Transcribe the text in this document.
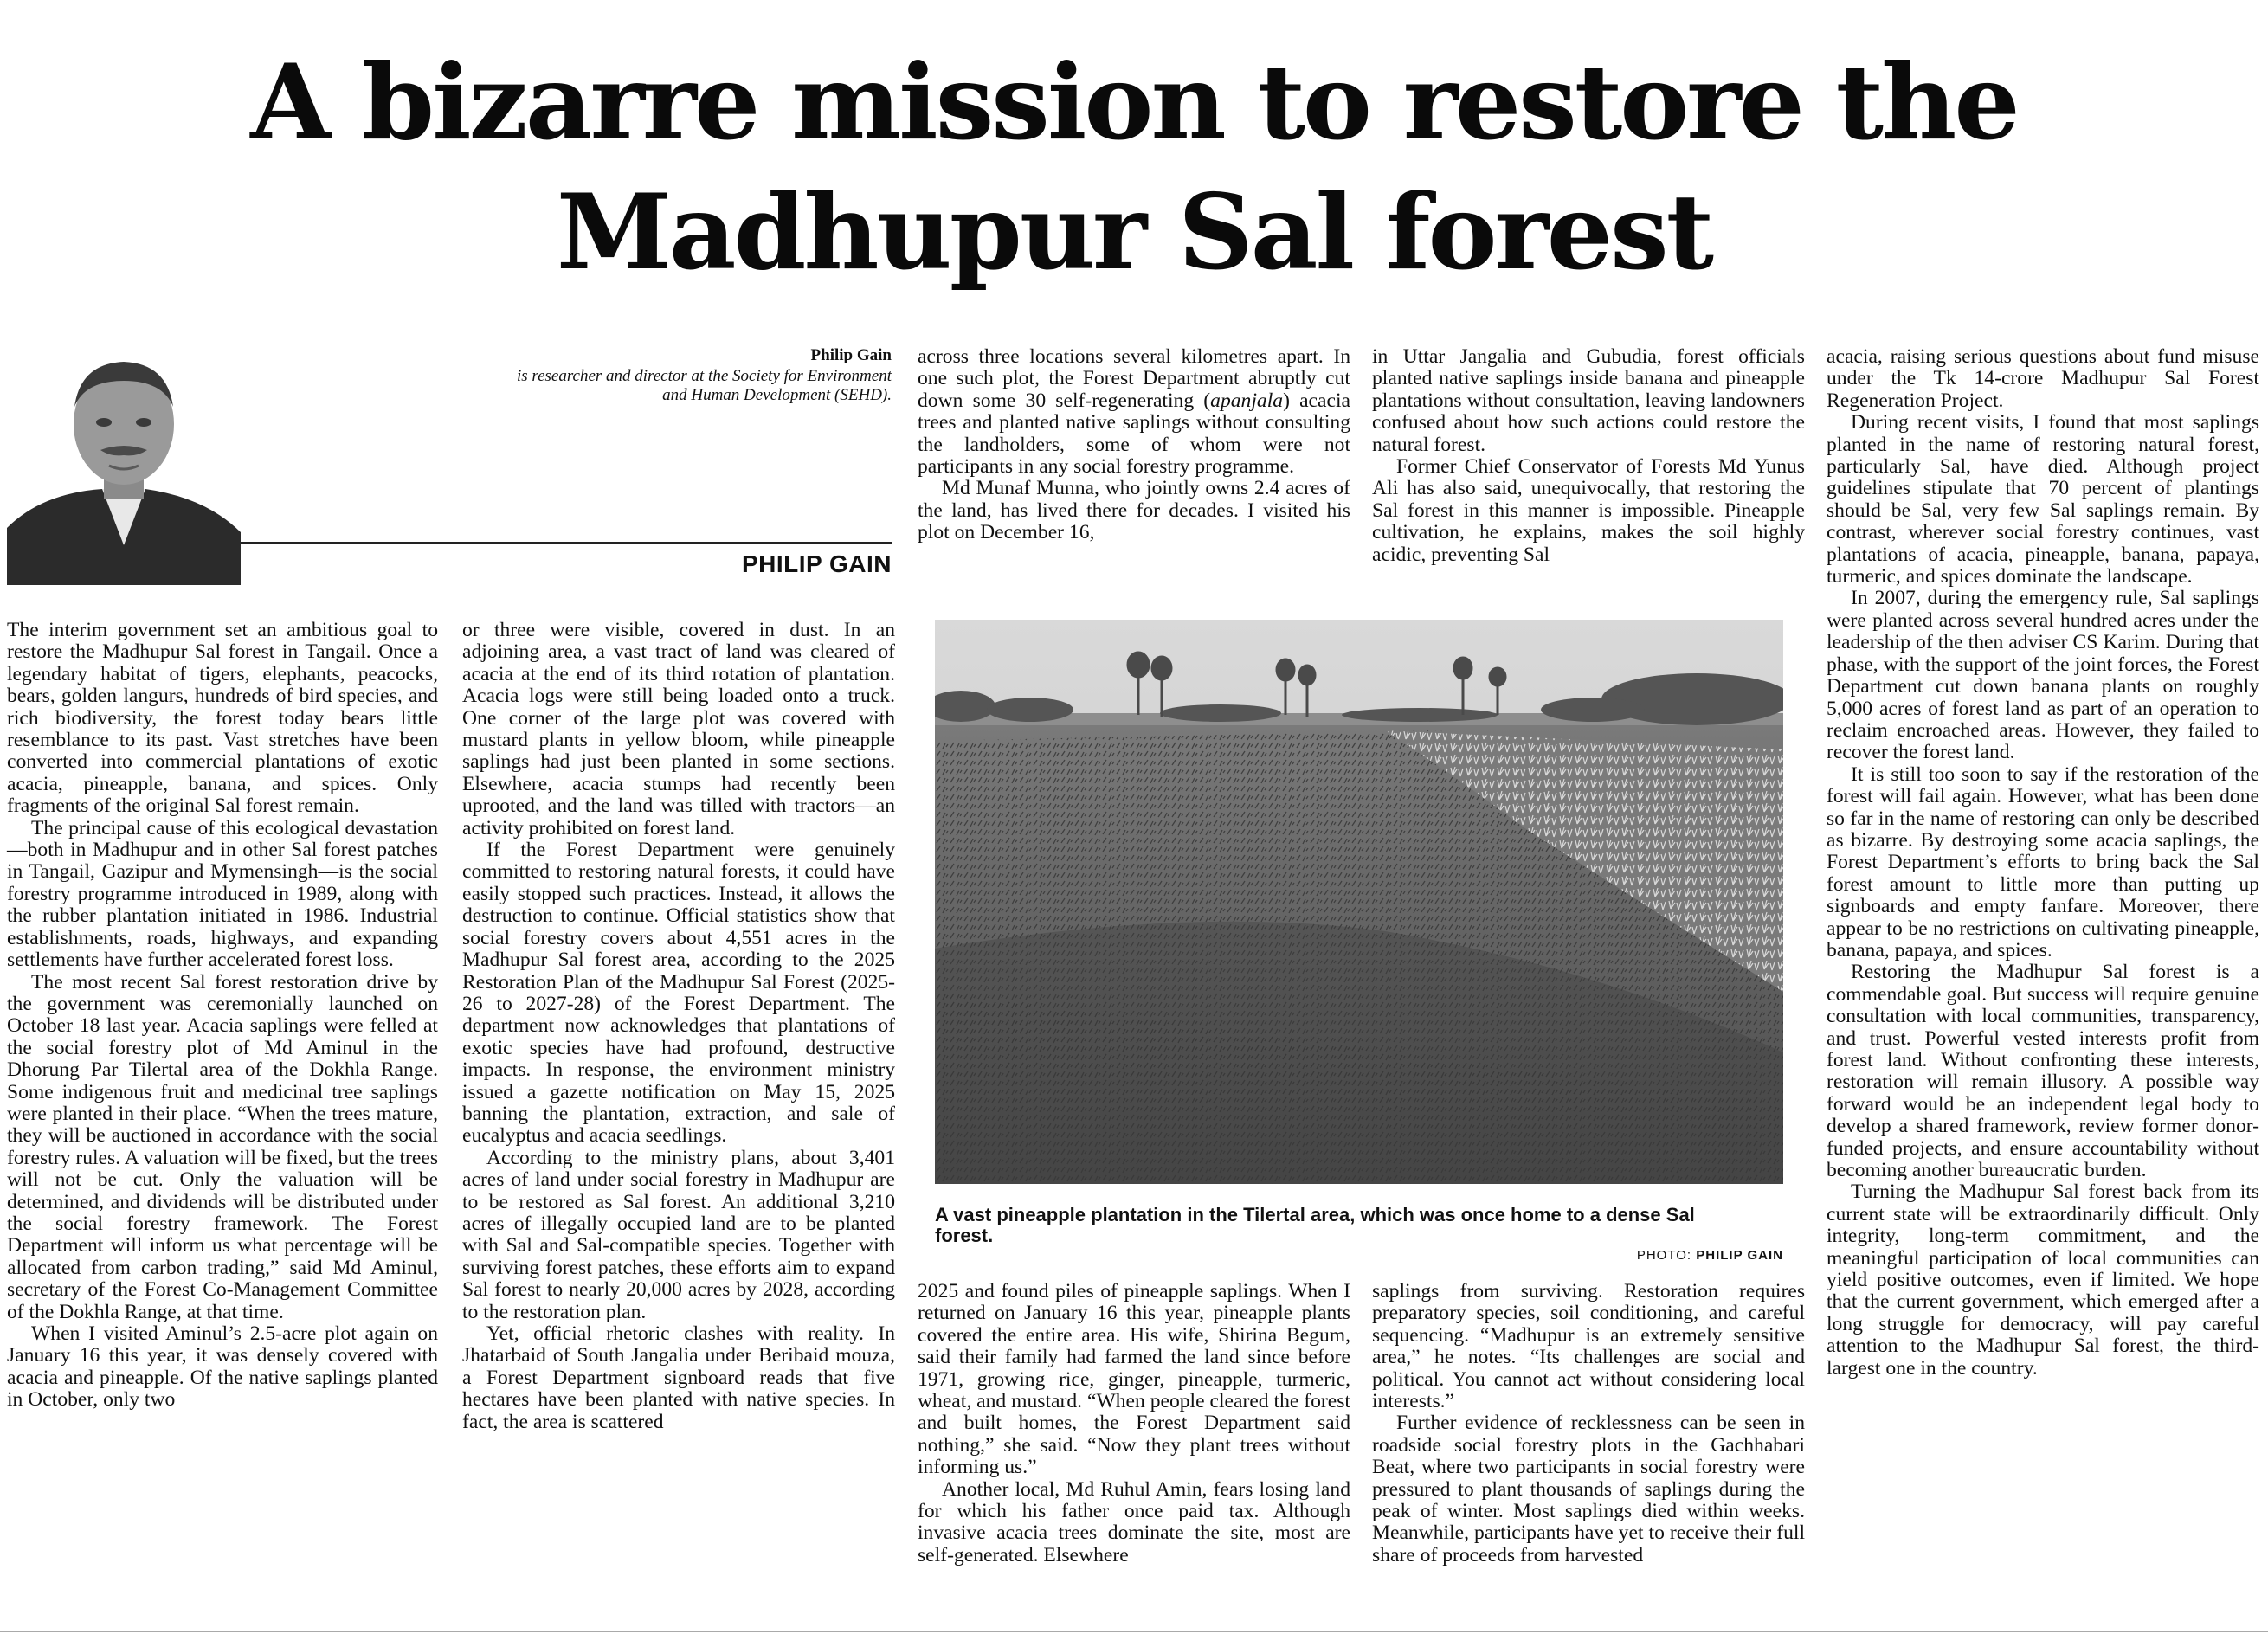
A bizarre mission to restore the
Madhupur Sal forest
Philip Gain
is researcher and director at the Society for Environment
and Human Development (SEHD).
PHILIP GAIN

The interim government set an ambitious goal to restore the Madhupur Sal forest in Tangail. Once a legendary habitat of tigers, elephants, peacocks, bears, golden langurs, hundreds of bird species, and rich biodiversity, the forest today bears little resemblance to its past. Vast stretches have been converted into commercial plantations of exotic acacia, pineapple, banana, and spices. Only fragments of the original Sal forest remain.

The principal cause of this ecological devastation—both in Madhupur and in other Sal forest patches in Tangail, Gazipur and Mymensingh—is the social forestry programme introduced in 1989, along with the rubber plantation initiated in 1986. Industrial establishments, roads, highways, and expanding settlements have further accelerated forest loss.

The most recent Sal forest restoration drive by the government was ceremonially launched on October 18 last year. Acacia saplings were felled at the social forestry plot of Md Aminul in the Dhorung Par Tilertal area of the Dokhla Range. Some indigenous fruit and medicinal tree saplings were planted in their place. “When the trees mature, they will be auctioned in accordance with the social forestry rules. A valuation will be fixed, but the trees will not be cut. Only the valuation will be determined, and dividends will be distributed under the social forestry framework. The Forest Department will inform us what percentage will be allocated from carbon trading,” said Md Aminul, secretary of the Forest Co-Management Committee of the Dokhla Range, at that time.

When I visited Aminul’s 2.5-acre plot again on January 16 this year, it was densely covered with acacia and pineapple. Of the native saplings planted in October, only two

or three were visible, covered in dust. In an adjoining area, a vast tract of land was cleared of acacia at the end of its third rotation of plantation. Acacia logs were still being loaded onto a truck. One corner of the large plot was covered with mustard plants in yellow bloom, while pineapple saplings had just been planted in some sections. Elsewhere, acacia stumps had recently been uprooted, and the land was tilled with tractors—an activity prohibited on forest land.

If the Forest Department were genuinely committed to restoring natural forests, it could have easily stopped such practices. Instead, it allows the destruction to continue. Official statistics show that social forestry covers about 4,551 acres in the Madhupur Sal forest area, according to the 2025 Restoration Plan of the Madhupur Sal Forest (2025-26 to 2027-28) of the Forest Department. The department now acknowledges that plantations of exotic species have had profound, destructive impacts. In response, the environment ministry issued a gazette notification on May 15, 2025 banning the plantation, extraction, and sale of eucalyptus and acacia seedlings.

According to the ministry plans, about 3,401 acres of land under social forestry in Madhupur are to be restored as Sal forest. An additional 3,210 acres of illegally occupied land are to be planted with Sal and Sal-compatible species. Together with surviving forest patches, these efforts aim to expand Sal forest to nearly 20,000 acres by 2028, according to the restoration plan.

Yet, official rhetoric clashes with reality. In Jhatarbaid of South Jangalia under Beribaid mouza, a Forest Department signboard reads that five hectares have been planted with native species. In fact, the area is scattered

across three locations several kilometres apart. In one such plot, the Forest Department abruptly cut down some 30 self-regenerating (apanjala) acacia trees and planted native saplings without consulting the landholders, some of whom were not participants in any social forestry programme.

Md Munaf Munna, who jointly owns 2.4 acres of the land, has lived there for decades. I visited his plot on December 16,

in Uttar Jangalia and Gubudia, forest officials planted native saplings inside banana and pineapple plantations without consultation, leaving landowners confused about how such actions could restore the natural forest.

Former Chief Conservator of Forests Md Yunus Ali has also said, unequivocally, that restoring the Sal forest in this manner is impossible. Pineapple cultivation, he explains, makes the soil highly acidic, preventing Sal

A vast pineapple plantation in the Tilertal area, which was once home to a dense Sal
forest.
PHOTO: PHILIP GAIN

2025 and found piles of pineapple saplings. When I returned on January 16 this year, pineapple plants covered the entire area. His wife, Shirina Begum, said their family had farmed the land since before 1971, growing rice, ginger, pineapple, turmeric, wheat, and mustard. “When people cleared the forest and built homes, the Forest Department said nothing,” she said. “Now they plant trees without informing us.”

Another local, Md Ruhul Amin, fears losing land for which his father once paid tax. Although invasive acacia trees dominate the site, most are self-generated. Elsewhere

saplings from surviving. Restoration requires preparatory species, soil conditioning, and careful sequencing. “Madhupur is an extremely sensitive area,” he notes. “Its challenges are social and political. You cannot act without considering local interests.”

Further evidence of recklessness can be seen in roadside social forestry plots in the Gachhabari Beat, where two participants in social forestry were pressured to plant thousands of saplings during the peak of winter. Most saplings died within weeks. Meanwhile, participants have yet to receive their full share of proceeds from harvested

acacia, raising serious questions about fund misuse under the Tk 14-crore Madhupur Sal Forest Regeneration Project.

During recent visits, I found that most saplings planted in the name of restoring natural forest, particularly Sal, have died. Although project guidelines stipulate that 70 percent of plantings should be Sal, very few Sal saplings remain. By contrast, wherever social forestry continues, vast plantations of acacia, pineapple, banana, papaya, turmeric, and spices dominate the landscape.

In 2007, during the emergency rule, Sal saplings were planted across several hundred acres under the leadership of the then adviser CS Karim. During that phase, with the support of the joint forces, the Forest Department cut down banana plants on roughly 5,000 acres of forest land as part of an operation to reclaim encroached areas. However, they failed to recover the forest land.

It is still too soon to say if the restoration of the forest will fail again. However, what has been done so far in the name of restoring can only be described as bizarre. By destroying some acacia saplings, the Forest Department’s efforts to bring back the Sal forest amount to little more than putting up signboards and empty fanfare. Moreover, there appear to be no restrictions on cultivating pineapple, banana, papaya, and spices.

Restoring the Madhupur Sal forest is a commendable goal. But success will require genuine consultation with local communities, transparency, and trust. Powerful vested interests profit from forest land. Without confronting these interests, restoration will remain illusory. A possible way forward would be an independent legal body to develop a shared framework, review former donor-funded projects, and ensure accountability without becoming another bureaucratic burden.

Turning the Madhupur Sal forest back from its current state will be extraordinarily difficult. Only integrity, long-term commitment, and the meaningful participation of local communities can yield positive outcomes, even if limited. We hope that the current government, which emerged after a long struggle for democracy, will pay careful attention to the Madhupur Sal forest, the third-largest one in the country.
